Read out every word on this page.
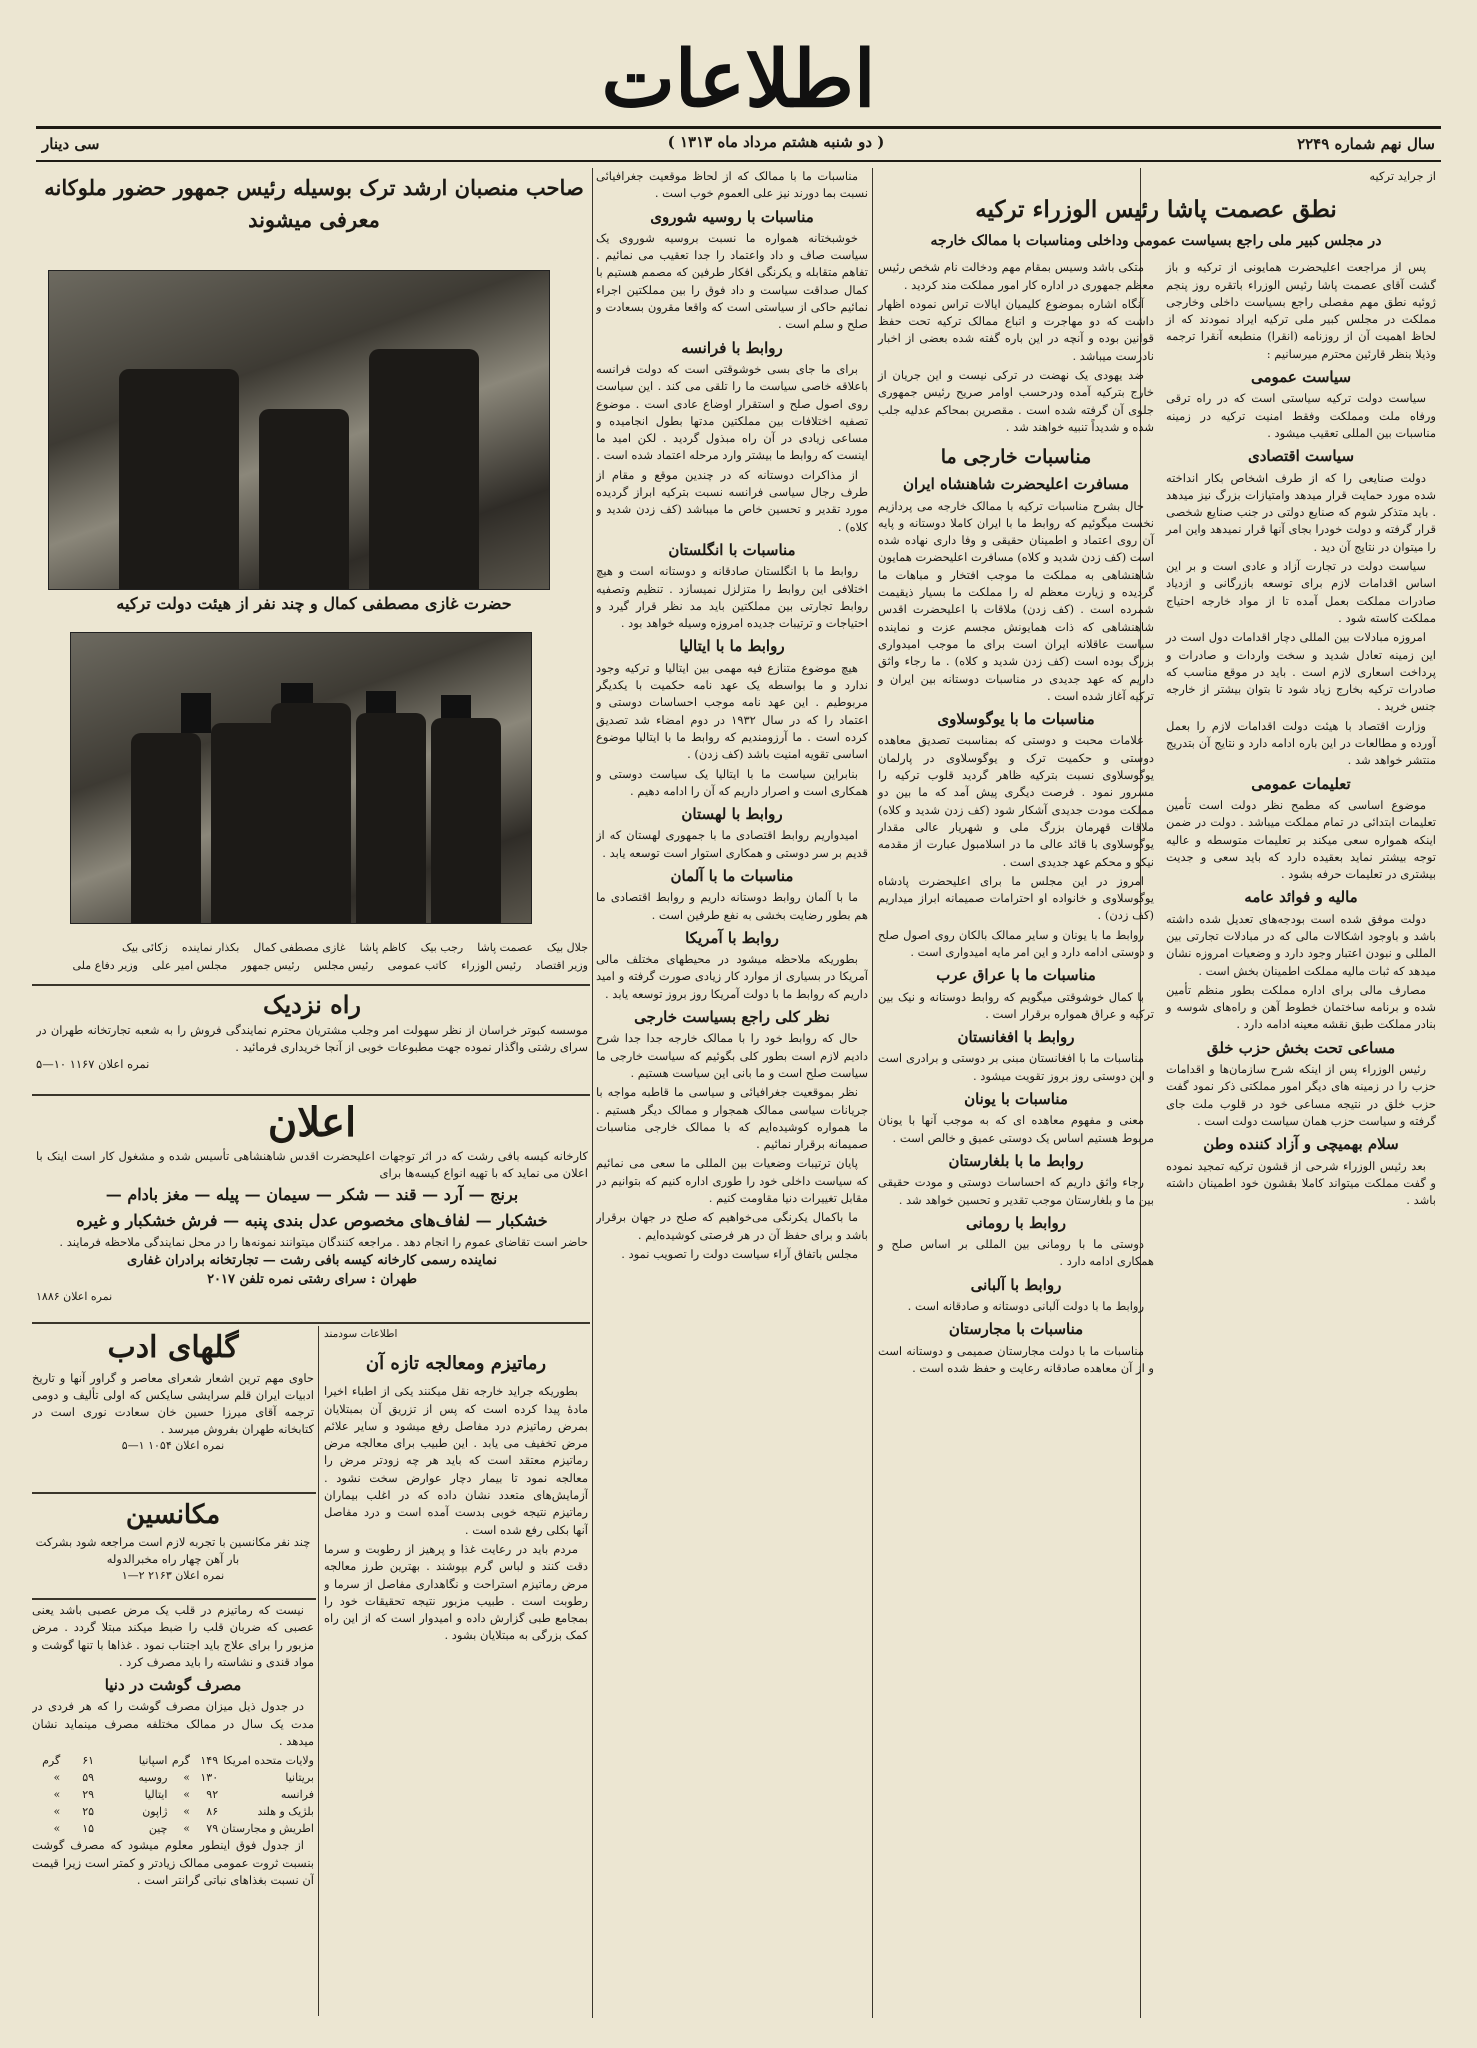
اطلاعات
سال نهم شماره ۲۲۴۹
( دو شنبه هشتم مرداد ماه ۱۳۱۳ )
سی دینار
از جراید ترکیه
نطق عصمت پاشا رئیس الوزراء ترکیه
در مجلس کبیر ملی راجع بسیاست عمومی وداخلی ومناسبات با ممالک خارجه

پس از مراجعت اعلیحضرت همایونی از ترکیه و باز گشت آقای عصمت پاشا رئیس الوزراء باتقره روز پنجم ژوئیه نطق مهم مفصلی راجع بسیاست داخلی وخارجی مملکت در مجلس کبیر ملی ترکیه ایراد نمودند که از لحاظ اهمیت آن از روزنامه (انقرا) منطبعه آنقرا ترجمه وذیلا بنظر قارئین محترم میرسانیم :

سیاست عمومی

سیاست دولت ترکیه سیاستی است که در راه ترقی ورفاه ملت ومملکت وفقط امنیت ترکیه در زمینه مناسبات بین المللی تعقیب میشود .

سیاست اقتصادی

دولت صنایعی را که از طرف اشخاص بکار انداخته شده مورد حمایت قرار میدهد وامتیازات بزرگ نیز میدهد . باید متذکر شوم که صنایع دولتی در جنب صنایع شخصی قرار گرفته و دولت خودرا بجای آنها قرار نمیدهد واین امر را میتوان در نتایج آن دید .

سیاست دولت در تجارت آزاد و عادی است و بر این اساس اقدامات لازم برای توسعه بازرگانی و ازدیاد صادرات مملکت بعمل آمده تا از مواد خارجه احتیاج مملکت کاسته شود .

امروزه مبادلات بین المللی دچار اقدامات دول است در این زمینه تعادل شدید و سخت واردات و صادرات و پرداخت اسعاری لازم است . باید در موقع مناسب که صادرات ترکیه بخارج زیاد شود تا بتوان بیشتر از خارجه جنس خرید .

وزارت اقتصاد با هیئت دولت اقدامات لازم را بعمل آورده و مطالعات در این باره ادامه دارد و نتایج آن بتدریج منتشر خواهد شد .

تعلیمات عمومی

موضوع اساسی که مطمح نظر دولت است تأمین تعلیمات ابتدائی در تمام مملکت میباشد . دولت در ضمن اینکه همواره سعی میکند بر تعلیمات متوسطه و عالیه توجه بیشتر نماید بعقیده دارد که باید سعی و جدیت بیشتری در تعلیمات حرفه بشود .

مالیه و فوائد عامه

دولت موفق شده است بودجه‌های تعدیل شده داشته باشد و باوجود اشکالات مالی که در مبادلات تجارتی بین المللی و نبودن اعتبار وجود دارد و وضعیات امروزه نشان میدهد که ثبات مالیه مملکت اطمینان بخش است .

مصارف مالی برای اداره مملکت بطور منظم تأمین شده و برنامه ساختمان خطوط آهن و راه‌های شوسه و بنادر مملکت طبق نقشه معینه ادامه دارد .

مساعی تحت بخش حزب خلق

رئیس الوزراء پس از اینکه شرح سازمان‌ها و اقدامات حزب را در زمینه های دیگر امور مملکتی ذکر نمود گفت حزب خلق در نتیجه مساعی خود در قلوب ملت جای گرفته و سیاست حزب همان سیاست دولت است .

سلام بهمیچی و آزاد کننده وطن

بعد رئیس الوزراء شرحی از قشون ترکیه تمجید نموده و گفت مملکت میتواند کاملا بقشون خود اطمینان داشته باشد .

متکی باشد وسیس بمقام مهم ودخالت نام شخص رئیس معظم جمهوری در اداره کار امور مملکت مند کردید .

آنگاه اشاره بموضوع کلیمیان ایالات تراس نموده اظهار داشت که دو مهاجرت و اتباع ممالک ترکیه تحت حفظ قوانین بوده و آنچه در این باره گفته شده بعضی از اخبار نادرست میباشد .

ضد یهودی یک نهضت در ترکی نیست و این جریان از خارج بترکیه آمده ودرحسب اوامر صریح رئیس جمهوری جلوی آن گرفته شده است . مقصرین بمحاکم عدلیه جلب شده و شدیداً تنبیه خواهند شد .

مناسبات خارجی ما
مسافرت اعلیحضرت شاهنشاه ایران

حال بشرح مناسبات ترکیه با ممالک خارجه می پردازیم نخست میگوئیم که روابط ما با ایران کاملا دوستانه و پایه آن روی اعتماد و اطمینان حقیقی و وفا داری نهاده شده است (کف زدن شدید و کلاه) مسافرت اعلیحضرت همایون شاهنشاهی به مملکت ما موجب افتخار و مباهات ما گردیده و زیارت معظم له را مملکت ما بسیار ذیقیمت شمرده است . (کف زدن) ملاقات با اعلیحضرت اقدس شاهنشاهی که ذات همایونش مجسم عزت و نماینده سیاست عاقلانه ایران است برای ما موجب امیدواری بزرگ بوده است (کف زدن شدید و کلاه) . ما رجاء واثق داریم که عهد جدیدی در مناسبات دوستانه بین ایران و ترکیه آغاز شده است .

مناسبات ما با یوگوسلاوی

علامات محبت و دوستی که بمناسبت تصدیق معاهده دوستی و حکمیت ترک و یوگوسلاوی در پارلمان یوگوسلاوی نسبت بترکیه ظاهر گردید قلوب ترکیه را مسرور نمود . فرصت دیگری پیش آمد که ما بین دو مملکت مودت جدیدی آشکار شود (کف زدن شدید و کلاه) ملاقات قهرمان بزرگ ملی و شهریار عالی مقدار یوگوسلاوی با قائد عالی ما در اسلامبول عبارت از مقدمه نیکو و محکم عهد جدیدی است .

امروز در این مجلس ما برای اعلیحضرت پادشاه یوگوسلاوی و خانواده او احترامات صمیمانه ابراز میداریم (کف زدن) .

روابط ما با یونان و سایر ممالک بالکان روی اصول صلح و دوستی ادامه دارد و این امر مایه امیدواری است .

مناسبات ما با عراق عرب

با کمال خوشوقتی میگویم که روابط دوستانه و نیک بین ترکیه و عراق همواره برقرار است .

روابط با افغانستان

مناسبات ما با افغانستان مبنی بر دوستی و برادری است و این دوستی روز بروز تقویت میشود .

مناسبات با یونان

معنی و مفهوم معاهده ای که به موجب آنها با یونان مربوط هستیم اساس یک دوستی عمیق و خالص است .

روابط ما با بلغارستان

رجاء واثق داریم که احساسات دوستی و مودت حقیقی بین ما و بلغارستان موجب تقدیر و تحسین خواهد شد .

روابط با رومانی

دوستی ما با رومانی بین المللی بر اساس صلح و همکاری ادامه دارد .

روابط با آلبانی

روابط ما با دولت آلبانی دوستانه و صادقانه است .

مناسبات با مجارستان

مناسبات ما با دولت مجارستان صمیمی و دوستانه است و از آن معاهده صادقانه رعایت و حفظ شده است .

مناسبات ما با ممالک که از لحاظ موقعیت جغرافیائی نسبت بما دورند نیز علی العموم خوب است .

مناسبات با روسیه شوروی

خوشبختانه همواره ما نسبت بروسیه شوروی یک سیاست صاف و داد واعتماد را جدا تعقیب می نمائیم . تفاهم متقابله و یکرنگی افکار طرفین که مصمم هستیم با کمال صداقت سیاست و داد فوق را بین مملکتین اجراء نمائیم حاکی از سیاستی است که واقعا مقرون بسعادت و صلح و سلم است .

روابط با فرانسه

برای ما جای بسی خوشوقتی است که دولت فرانسه باعلاقه خاصی سیاست ما را تلقی می کند . این سیاست روی اصول صلح و استقرار اوضاع عادی است . موضوع تصفیه اختلافات بین مملکتین مدتها بطول انجامیده و مساعی زیادی در آن راه مبذول گردید . لکن امید ما اینست که روابط ما بیشتر وارد مرحله اعتماد شده است .

از مذاکرات دوستانه که در چندین موقع و مقام از طرف رجال سیاسی فرانسه نسبت بترکیه ابراز گردیده مورد تقدیر و تحسین خاص ما میباشد (کف زدن شدید و کلاه) .

مناسبات با انگلستان

روابط ما با انگلستان صادقانه و دوستانه است و هیچ اختلافی این روابط را متزلزل نمیسازد . تنظیم وتصفیه روابط تجارتی بین مملکتین باید مد نظر قرار گیرد و احتیاجات و ترتیبات جدیده امروزه وسیله خواهد بود .

روابط ما با ایتالیا

هیچ موضوع متنازع فیه مهمی بین ایتالیا و ترکیه وجود ندارد و ما بواسطه یک عهد نامه حکمیت با یکدیگر مربوطیم . این عهد نامه موجب احساسات دوستی و اعتماد را که در سال ۱۹۳۲ در دوم امضاء شد تصدیق کرده است . ما آرزومندیم که روابط ما با ایتالیا موضوع اساسی تقویه امنیت باشد (کف زدن) .

بنابراین سیاست ما با ایتالیا یک سیاست دوستی و همکاری است و اصرار داریم که آن را ادامه دهیم .

روابط با لهستان

امیدواریم روابط اقتصادی ما با جمهوری لهستان که از قدیم بر سر دوستی و همکاری استوار است توسعه یابد .

مناسبات ما با آلمان

ما با آلمان روابط دوستانه داریم و روابط اقتصادی ما هم بطور رضایت بخشی به نفع طرفین است .

روابط با آمریکا

بطوریکه ملاحظه میشود در محیطهای مختلف مالی آمریکا در بسیاری از موارد کار زیادی صورت گرفته و امید داریم که روابط ما با دولت آمریکا روز بروز توسعه یابد .

نظر کلی راجع بسیاست خارجی

حال که روابط خود را با ممالک خارجه جدا جدا شرح دادیم لازم است بطور کلی بگوئیم که سیاست خارجی ما سیاست صلح است و ما بانی این سیاست هستیم .

نظر بموقعیت جغرافیائی و سیاسی ما قاطبه مواجه با جریانات سیاسی ممالک همجوار و ممالک دیگر هستیم . ما همواره کوشیده‌ایم که با ممالک خارجی مناسبات صمیمانه برقرار نمائیم .

پایان ترتیبات وضعیات بین المللی ما سعی می نمائیم که سیاست داخلی خود را طوری اداره کنیم که بتوانیم در مقابل تغییرات دنیا مقاومت کنیم .

ما باکمال یکرنگی می‌خواهیم که صلح در جهان برقرار باشد و برای حفظ آن در هر فرصتی کوشیده‌ایم .

مجلس باتفاق آراء سیاست دولت را تصویب نمود .

صاحب منصبان ارشد ترک بوسیله رئیس جمهور حضور ملوکانه معرفی میشوند
حضرت غازی مصطفی کمال و چند نفر از هیئت دولت ترکیه
جلال بیک    عصمت پاشا    رجب بیک    کاظم پاشا    غازی مصطفی کمال    بکذار نماینده    زکائی بیک
وزیر اقتصاد    رئیس الوزراء    کاتب عمومی    رئیس مجلس    رئیس جمهور    مجلس امیر علی    وزیر دفاع ملی

راه نزدیک

موسسه کبوتر خراسان از نظر سهولت امر وجلب مشتریان محترم نمایندگی فروش را به شعبه تجارتخانه طهران در سرای رشتی واگذار نموده جهت مطبوعات خوبی از آنجا خریداری فرمائید .

نمره اعلان ۱۱۶۷ ۱۰—۵

اعلان

کارخانه کیسه بافی رشت که در اثر توجهات اعلیحضرت اقدس شاهنشاهی تأسیس شده و مشغول کار است اینک با اعلان می نماید که با تهیه انواع کیسه‌ها برای

برنج — آرد — قند — شکر — سیمان — پیله — مغز بادام —

خشکبار — لفاف‌های مخصوص عدل بندی پنبه — فرش خشکبار و غیره

حاضر است تقاضای عموم را انجام دهد . مراجعه کنندگان میتوانند نمونه‌ها را در محل نمایندگی ملاحظه فرمایند .

نماینده رسمی کارخانه کیسه بافی رشت — تجارتخانه برادران غفاری

طهران : سرای رشتی نمره تلفن ۲۰۱۷

نمره اعلان ۱۸۸۶

اطلاعات سودمند
رماتیزم ومعالجه تازه آن

بطوریکه جراید خارجه نقل میکنند یکی از اطباء اخیرا مادهٔ پیدا کرده است که پس از تزریق آن بمبتلایان بمرض رماتیزم درد مفاصل رفع میشود و سایر علائم مرض تخفیف می یابد . این طبیب برای معالجه مرض رماتیزم معتقد است که باید هر چه زودتر مرض را معالجه نمود تا بیمار دچار عوارض سخت نشود . آزمایش‌های متعدد نشان داده که در اغلب بیماران رماتیزم نتیجه خوبی بدست آمده است و درد مفاصل آنها بکلی رفع شده است .

مردم باید در رعایت غذا و پرهیز از رطوبت و سرما دقت کنند و لباس گرم بپوشند . بهترین طرز معالجه مرض رماتیزم استراحت و نگاهداری مفاصل از سرما و رطوبت است . طبیب مزبور نتیجه تحقیقات خود را بمجامع طبی گزارش داده و امیدوار است که از این راه کمک بزرگی به مبتلایان بشود .

گلهای ادب

حاوی مهم ترین اشعار شعرای معاصر و گراور آنها و تاریخ ادبیات ایران قلم سرایشی سایکس که اولی تألیف و دومی ترجمه آقای میرزا حسین خان سعادت نوری است در کتابخانه طهران بفروش میرسد .

نمره اعلان ۱۰۵۴ ۱—۵

مکانسین

چند نفر مکانسین با تجربه لازم است مراجعه شود بشرکت بار آهن چهار راه مخبرالدوله

نمره اعلان ۲۱۶۳ ۲—۱

نیست که رماتیزم در قلب یک مرض عصبی باشد یعنی عصبی که ضربان قلب را ضبط میکند مبتلا گردد . مرض مزبور را برای علاج باید اجتناب نمود . غذاها با تنها گوشت و مواد قندی و نشاسته را باید مصرف کرد .

مصرف گوشت در دنیا

در جدول ذیل میزان مصرف گوشت را که هر فردی در مدت یک سال در ممالک مختلفه مصرف مینماید نشان میدهد .

ولایات متحده امریکا
۱۴۹
گرم
اسپانیا
۶۱
گرم
بریتانیا
۱۳۰
»
روسیه
۵۹
»
فرانسه
۹۲
»
ایتالیا
۲۹
»
بلژیک و هلند
۸۶
»
ژاپون
۲۵
»
اطریش و مجارستان
۷۹
»
چین
۱۵
»

از جدول فوق اینطور معلوم میشود که مصرف گوشت بنسبت ثروت عمومی ممالک زیادتر و کمتر است زیرا قیمت آن نسبت بغذاهای نباتی گرانتر است .
